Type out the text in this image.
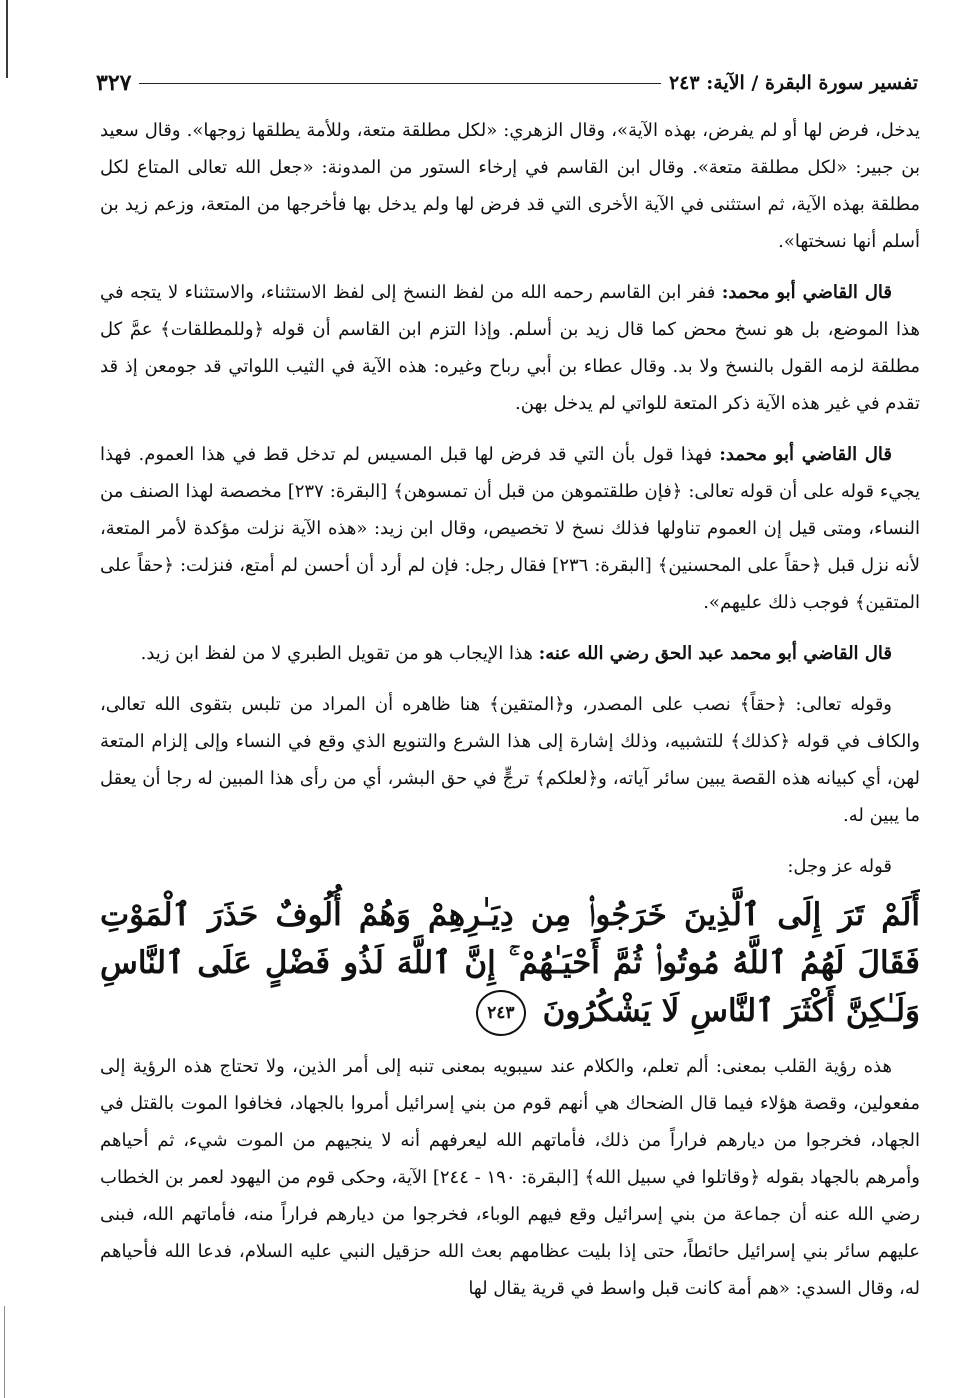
تفسير سورة البقرة / الآية: ٢٤٣
٣٢٧

يدخل، فرض لها أو لم يفرض، بهذه الآية»، وقال الزهري: «لكل مطلقة متعة، وللأمة يطلقها زوجها». وقال سعيد بن جبير: «لكل مطلقة متعة». وقال ابن القاسم في إرخاء الستور من المدونة: «جعل الله تعالى المتاع لكل مطلقة بهذه الآية، ثم استثنى في الآية الأخرى التي قد فرض لها ولم يدخل بها فأخرجها من المتعة، وزعم زيد بن أسلم أنها نسختها».

قال القاضي أبو محمد: ففر ابن القاسم رحمه الله من لفظ النسخ إلى لفظ الاستثناء، والاستثناء لا يتجه في هذا الموضع، بل هو نسخ محض كما قال زيد بن أسلم. وإذا التزم ابن القاسم أن قوله ﴿وللمطلقات﴾ عمَّ كل مطلقة لزمه القول بالنسخ ولا بد. وقال عطاء بن أبي رباح وغيره: هذه الآية في الثيب اللواتي قد جومعن إذ قد تقدم في غير هذه الآية ذكر المتعة للواتي لم يدخل بهن.

قال القاضي أبو محمد: فهذا قول بأن التي قد فرض لها قبل المسيس لم تدخل قط في هذا العموم. فهذا يجيء قوله على أن قوله تعالى: ﴿فإن طلقتموهن من قبل أن تمسوهن﴾ [البقرة: ٢٣٧] مخصصة لهذا الصنف من النساء، ومتى قيل إن العموم تناولها فذلك نسخ لا تخصيص، وقال ابن زيد: «هذه الآية نزلت مؤكدة لأمر المتعة، لأنه نزل قبل ﴿حقاً على المحسنين﴾ [البقرة: ٢٣٦] فقال رجل: فإن لم أرد أن أحسن لم أمتع، فنزلت: ﴿حقاً على المتقين﴾ فوجب ذلك عليهم».

قال القاضي أبو محمد عبد الحق رضي الله عنه: هذا الإيجاب هو من تقويل الطبري لا من لفظ ابن زيد.

وقوله تعالى: ﴿حقاً﴾ نصب على المصدر، و﴿المتقين﴾ هنا ظاهره أن المراد من تلبس بتقوى الله تعالى، والكاف في قوله ﴿كذلك﴾ للتشبيه، وذلك إشارة إلى هذا الشرع والتنويع الذي وقع في النساء وإلى إلزام المتعة لهن، أي كبيانه هذه القصة يبين سائر آياته، و﴿لعلكم﴾ ترجٍّ في حق البشر، أي من رأى هذا المبين له رجا أن يعقل ما يبين له.

قوله عز وجل:

أَلَمْ تَرَ إِلَى ٱلَّذِينَ خَرَجُوا۟ مِن دِيَـٰرِهِمْ وَهُمْ أُلُوفٌ حَذَرَ ٱلْمَوْتِ فَقَالَ لَهُمُ ٱللَّهُ مُوتُوا۟ ثُمَّ أَحْيَـٰهُمْ ۚ إِنَّ ٱللَّهَ لَذُو فَضْلٍ عَلَى ٱلنَّاسِ وَلَـٰكِنَّ أَكْثَرَ ٱلنَّاسِ لَا يَشْكُرُونَ ٢٤٣

هذه رؤية القلب بمعنى: ألم تعلم، والكلام عند سيبويه بمعنى تنبه إلى أمر الذين، ولا تحتاج هذه الرؤية إلى مفعولين، وقصة هؤلاء فيما قال الضحاك هي أنهم قوم من بني إسرائيل أمروا بالجهاد، فخافوا الموت بالقتل في الجهاد، فخرجوا من ديارهم فراراً من ذلك، فأماتهم الله ليعرفهم أنه لا ينجيهم من الموت شيء، ثم أحياهم وأمرهم بالجهاد بقوله ﴿وقاتلوا في سبيل الله﴾ [البقرة: ١٩٠ - ٢٤٤] الآية، وحكى قوم من اليهود لعمر بن الخطاب رضي الله عنه أن جماعة من بني إسرائيل وقع فيهم الوباء، فخرجوا من ديارهم فراراً منه، فأماتهم الله، فبنى عليهم سائر بني إسرائيل حائطاً، حتى إذا بليت عظامهم بعث الله حزقيل النبي عليه السلام، فدعا الله فأحياهم له، وقال السدي: «هم أمة كانت قبل واسط في قرية يقال لها
